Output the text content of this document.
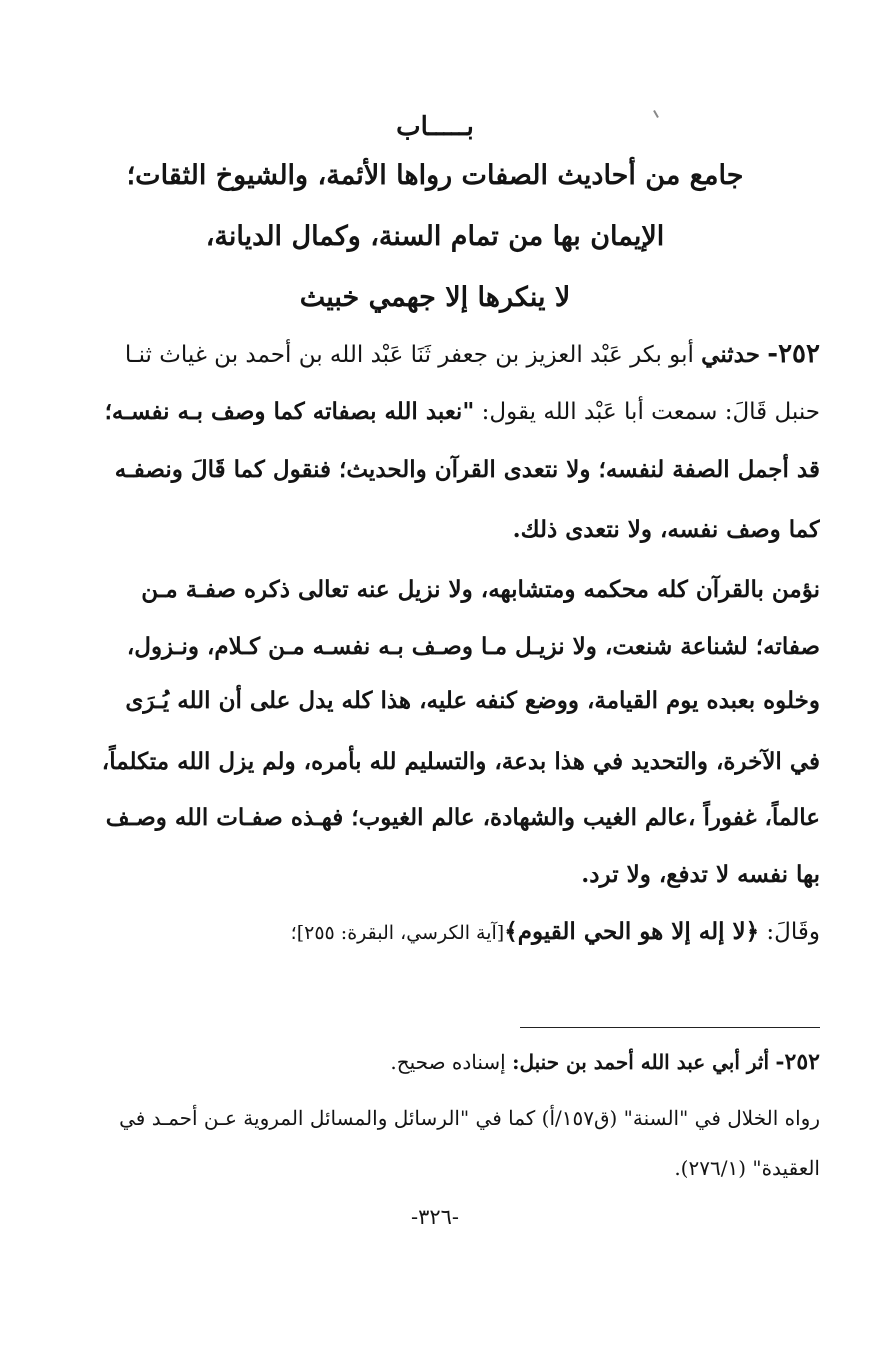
بـــــاب
جامع من أحاديث الصفات رواها الأئمة، والشيوخ الثقات؛
الإيمان بها من تمام السنة، وكمال الديانة،
لا ينكرها إلا جهمي خبيث
٢٥٢- حدثني أبو بكر عَبْد العزيز بن جعفر ثَنَا عَبْد الله بن أحمد بن غياث ثنـا
حنبل قَالَ: سمعت أبا عَبْد الله يقول: "نعبد الله بصفاته كما وصف بـه نفسـه؛
قد أجمل الصفة لنفسه؛ ولا نتعدى القرآن والحديث؛ فنقول كما قَالَ ونصفـه
كما وصف نفسه، ولا نتعدى ذلك.
نؤمن بالقرآن كله محكمه ومتشابهه، ولا نزيل عنه تعالى ذكره صفـة مـن
صفاته؛ لشناعة شنعت، ولا نزيـل مـا وصـف بـه نفسـه مـن كـلام، ونـزول،
وخلوه بعبده يوم القيامة، ووضع كنفه عليه، هذا كله يدل على أن الله يُـرَى
في الآخرة، والتحديد في هذا بدعة، والتسليم لله بأمره، ولم يزل الله متكلماً،
عالماً، غفوراً ،عالم الغيب والشهادة، عالم الغيوب؛ فهـذه صفـات الله وصـف
بها نفسه لا تدفع، ولا ترد.
وقَالَ: ﴿لا إله إلا هو الحي القيوم﴾[آية الكرسي، البقرة: ٢٥٥]؛
٢٥٢- أثر أبي عبد الله أحمد بن حنبل: إسناده صحيح.
رواه الخلال في "السنة" (ق١٥٧/أ) كما في "الرسائل والمسائل المروية عـن أحمـد في
العقيدة" (٢٧٦/١).
-٣٢٦-
